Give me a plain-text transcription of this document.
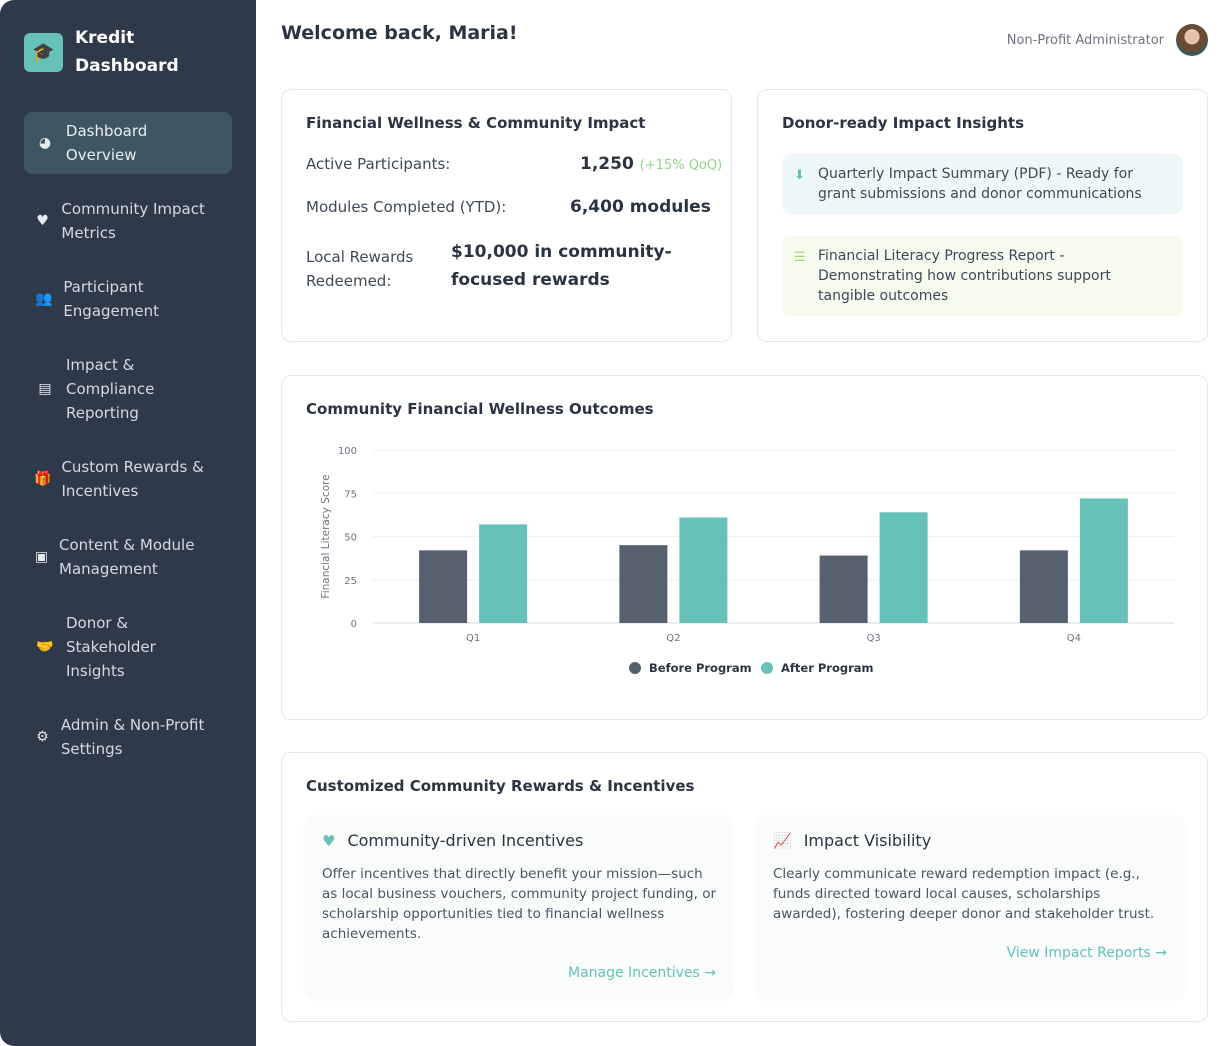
🎓
Kredit Dashboard
◕
Dashboard Overview
♥
Community Impact Metrics
👥
Participant Engagement
▤
Impact & Compliance Reporting
🎁
Custom Rewards & Incentives
▣
Content & Module Management
🤝
Donor & Stakeholder Insights
⚙
Admin & Non-Profit Settings
Welcome back, Maria!	Non-Profit Administrator
Financial Wellness & Community Impact
Active Participants:	1,250 (+15% QoQ)
Modules Completed (YTD):	6,400 modules
Local Rewards Redeemed:
$10,000 in community-focused rewards
Donor-ready Impact Insights
⬇ Quarterly Impact Summary (PDF) - Ready for grant submissions and donor communications
☰ Financial Literacy Progress Report - Demonstrating how contributions support tangible outcomes
Community Financial Wellness Outcomes
0
25
50
75
100
Financial Literacy Score
Q1	Q2	Q3	Q4
Before Program	After Program
Customized Community Rewards & Incentives
♥ Community-driven Incentives

Offer incentives that directly benefit your mission—such as local business vouchers, community project funding, or scholarship opportunities tied to financial wellness achievements.

Manage Incentives →
📈 Impact Visibility

Clearly communicate reward redemption impact (e.g., funds directed toward local causes, scholarships awarded), fostering deeper donor and stakeholder trust.

View Impact Reports →
